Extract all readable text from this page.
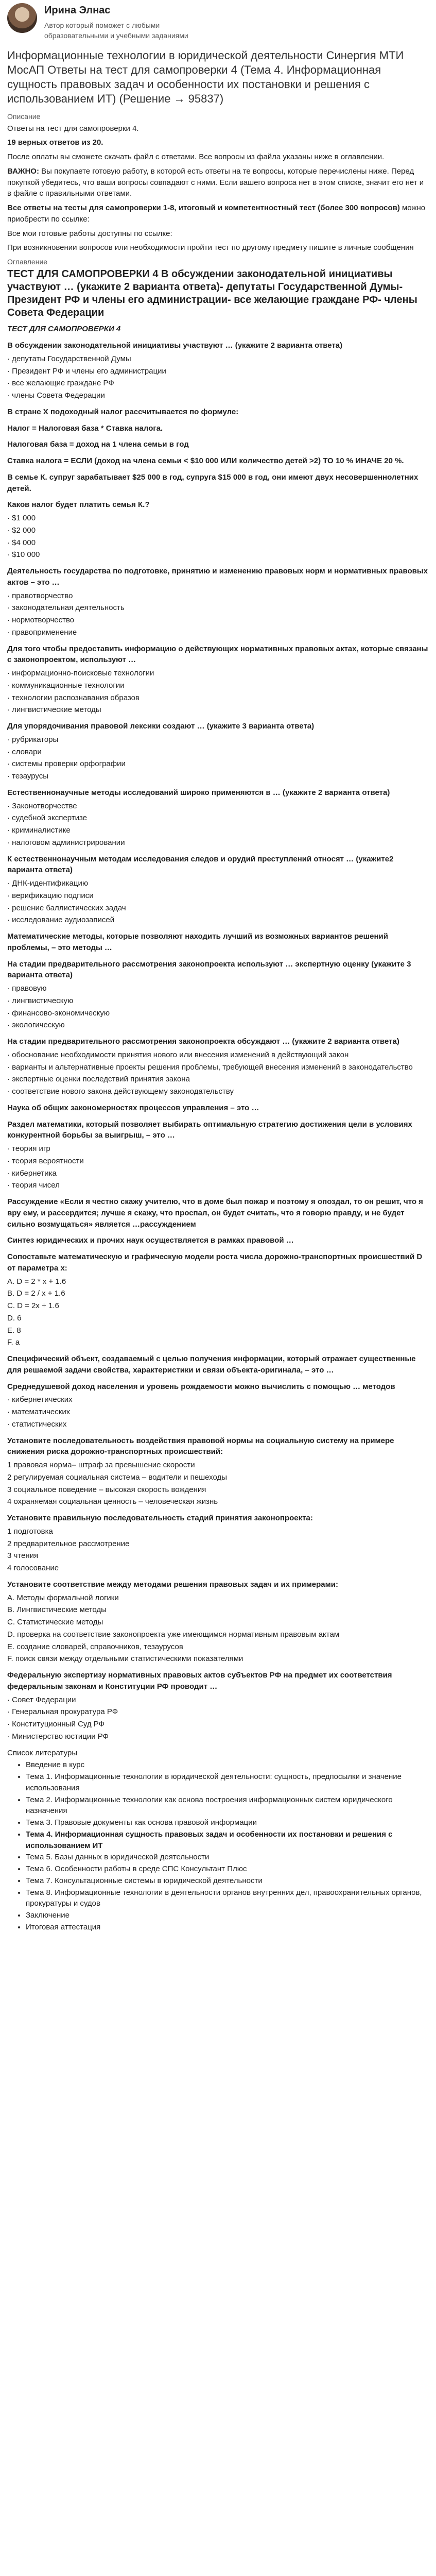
Ирина Элнас
Автор который поможет с любыми образовательными и учебными заданиями
Информационные технологии в юридической деятельности Синергия МТИ МосАП Ответы на тест для самопроверки 4 (Тема 4. Информационная сущность правовых задач и особенности их постановки и решения с использованием ИТ) (Решение → 95837)

Описание

Ответы на тест для самопроверки 4.

19 верных ответов из 20.

После оплаты вы сможете скачать файл с ответами. Все вопросы из файла указаны ниже в оглавлении.

ВАЖНО: Вы покупаете готовую работу, в которой есть ответы на те вопросы, которые перечислены ниже. Перед покупкой убедитесь, что ваши вопросы совпадают с ними. Если вашего вопроса нет в этом списке, значит его нет и в файле с правильными ответами.

Все ответы на тесты для самопроверки 1-8, итоговый и компетентностный тест (более 300 вопросов) можно приобрести по ссылке:

Все мои готовые работы доступны по ссылке:

При возникновении вопросов или необходимости пройти тест по другому предмету пишите в личные сообщения

Оглавление

ТЕСТ ДЛЯ САМОПРОВЕРКИ 4 В обсуждении законодательной инициативы участвуют … (укажите 2 варианта ответа)- депутаты Государственной Думы- Президент РФ и члены его администрации- все желающие граждане РФ- члены Совета Федерации

ТЕСТ ДЛЯ САМОПРОВЕРКИ 4

В обсуждении законодательной инициативы участвуют … (укажите 2 варианта ответа)

· депутаты Государственной Думы

· Президент РФ и члены его администрации

· все желающие граждане РФ

· члены Совета Федерации

В стране Х подоходный налог рассчитывается по формуле:

Налог = Налоговая база * Ставка налога.

Налоговая база = доход на 1 члена семьи в год

Ставка налога = ЕСЛИ (доход на члена семьи < $10 000 ИЛИ количество детей >2) ТО 10 % ИНАЧЕ 20 %.

В семье К. супруг зарабатывает $25 000 в год, супруга $15 000 в год, они имеют двух несовершеннолетних детей.

Каков налог будет платить семья К.?

· $1 000

· $2 000

· $4 000

· $10 000

Деятельность государства по подготовке, принятию и изменению правовых норм и нормативных правовых актов – это …

· правотворчество

· законодательная деятельность

· нормотворчество

· правоприменение

Для того чтобы предоставить информацию о действующих нормативных правовых актах, которые связаны с законопроектом, используют …

· информационно-поисковые технологии

· коммуникационные технологии

· технологии распознавания образов

· лингвистические методы

Для упорядочивания правовой лексики создают … (укажите 3 варианта ответа)

· рубрикаторы

· словари

· системы проверки орфографии

· тезаурусы

Естественнонаучные методы исследований широко применяются в … (укажите 2 варианта ответа)

· Законотворчестве

· судебной экспертизе

· криминалистике

· налоговом администрировании

К естественнонаучным методам исследования следов и орудий преступлений относят … (укажите2 варианта ответа)

· ДНК-идентификацию

· верификацию подписи

· решение баллистических задач

· исследование аудиозаписей

Математические методы, которые позволяют находить лучший из возможных вариантов решений проблемы, – это методы …

На стадии предварительного рассмотрения законопроекта используют … экспертную оценку (укажите 3 варианта ответа)

· правовую

· лингвистическую

· финансово-экономическую

· экологическую

На стадии предварительного рассмотрения законопроекта обсуждают … (укажите 2 варианта ответа)

· обоснование необходимости принятия нового или внесения изменений в действующий закон

· варианты и альтернативные проекты решения проблемы, требующей внесения изменений в законодательство

· экспертные оценки последствий принятия закона

· соответствие нового закона действующему законодательству

Наука об общих закономерностях процессов управления – это …

Раздел математики, который позволяет выбирать оптимальную стратегию достижения цели в условиях конкурентной борьбы за выигрыш, – это …

· теория игр

· теория вероятности

· кибернетика

· теория чисел

Рассуждение «Если я честно скажу учителю, что в доме был пожар и поэтому я опоздал, то он решит, что я вру ему, и рассердится; лучше я скажу, что проспал, он будет считать, что я говорю правду, и не будет сильно возмущаться» является …рассуждением

Синтез юридических и прочих наук осуществляется в рамках правовой …

Сопоставьте математическую и графическую модели роста числа дорожно-транспортных происшествий D от параметра x:

A. D = 2 * x + 1.6

B. D = 2 / x + 1.6

C. D = 2x + 1.6

D. 6

E. 8

F. a

Специфический объект, создаваемый с целью получения информации, который отражает существенные для решаемой задачи свойства, характеристики и связи объекта-оригинала, – это …

Среднедушевой доход населения и уровень рождаемости можно вычислить с помощью … методов

· кибернетических

· математических

· статистических

Установите последовательность воздействия правовой нормы на социальную систему на примере снижения риска дорожно-транспортных происшествий:

1 правовая норма– штраф за превышение скорости

2 регулируемая социальная система – водители и пешеходы

3 социальное поведение – высокая скорость вождения

4 охраняемая социальная ценность – человеческая жизнь

Установите правильную последовательность стадий принятия законопроекта:

1 подготовка

2 предварительное рассмотрение

3 чтения

4 голосование

Установите соответствие между методами решения правовых задач и их примерами:

A. Методы формальной логики

B. Лингвистические методы

C. Статистические методы

D. проверка на соответствие законопроекта уже имеющимся нормативным правовым актам

E. создание словарей, справочников, тезаурусов

F. поиск связи между отдельными статистическими показателями

Федеральную экспертизу нормативных правовых актов субъектов РФ на предмет их соответствия федеральным законам и Конституции РФ проводит …

· Совет Федерации

· Генеральная прокуратура РФ

· Конституционный Суд РФ

· Министерство юстиции РФ

Список литературы

• Введение в курс
• Тема 1. Информационные технологии в юридической деятельности: сущность, предпосылки и значение использования
• Тема 2. Информационные технологии как основа построения информационных систем юридического назначения
• Тема 3. Правовые документы как основа правовой информации
• Тема 4. Информационная сущность правовых задач и особенности их постановки и решения с использованием ИТ
• Тема 5. Базы данных в юридической деятельности
• Тема 6. Особенности работы в среде СПС Консультант Плюс
• Тема 7. Консультационные системы в юридической деятельности
• Тема 8. Информационные технологии в деятельности органов внутренних дел, правоохранительных органов, прокуратуры и судов
• Заключение
• Итоговая аттестация
